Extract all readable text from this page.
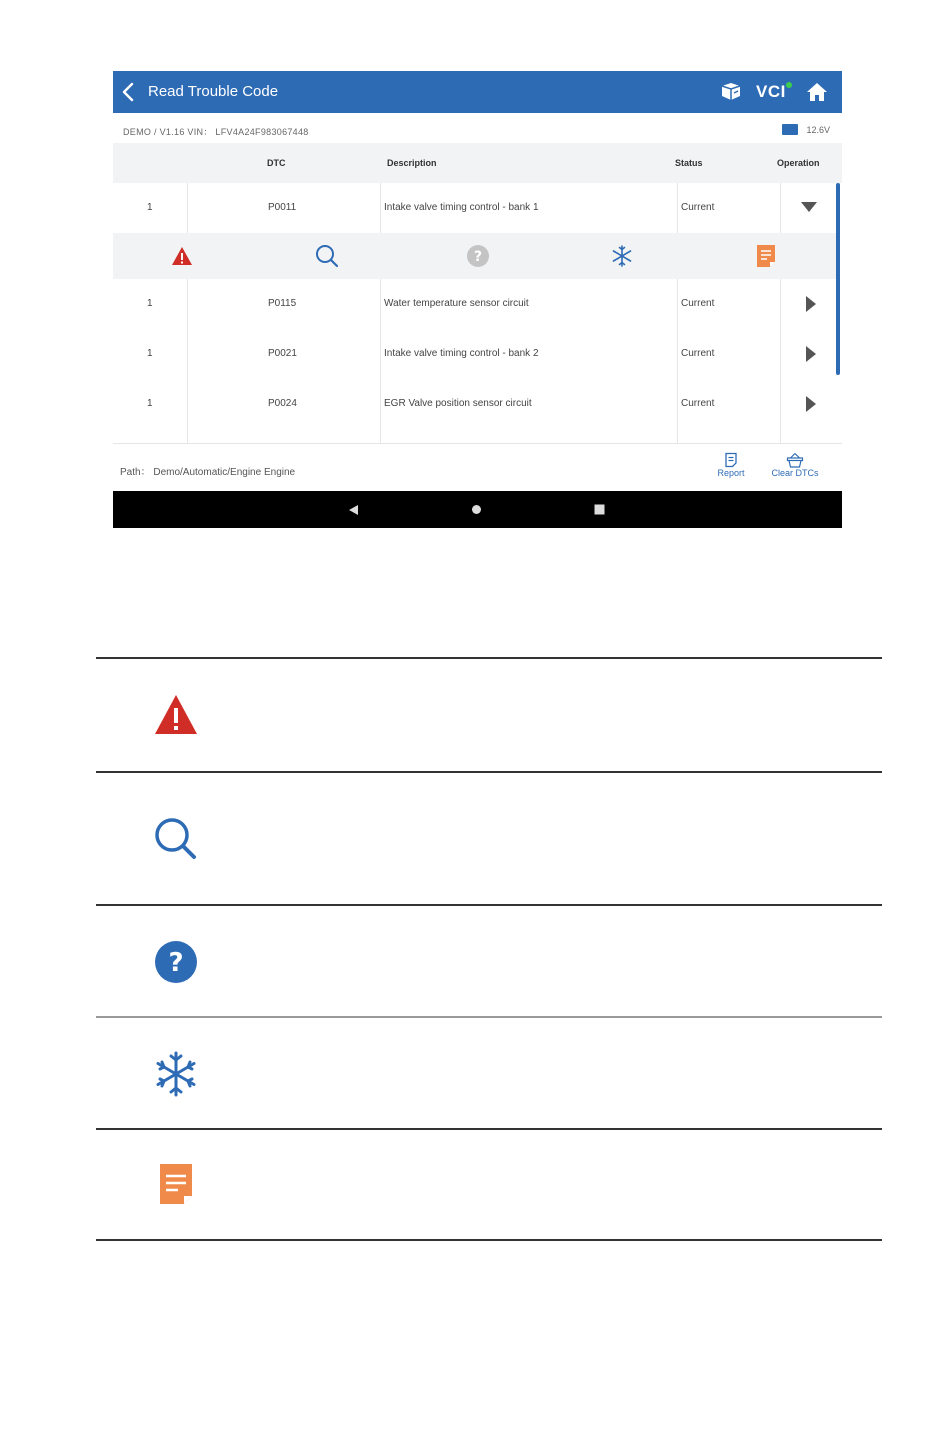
Read Trouble Code	VCI
DEMO / V1.16 VIN： LFV4A24F983067448	12.6V
DTC	Description	Status	Operation
1	P0011	Intake valve timing control - bank 1	Current
?
1	P0115	Water temperature sensor circuit	Current
1	P0021	Intake valve timing control - bank 2	Current
1	P0024	EGR Valve position sensor circuit	Current
Path： Demo/Automatic/Engine Engine	Report	Clear DTCs
?
